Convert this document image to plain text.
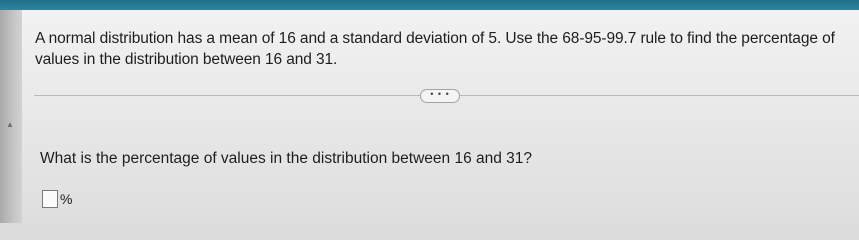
▲
A normal distribution has a mean of 16 and a standard deviation of 5. Use the 68-95-99.7 rule to find the percentage of values in the distribution between 16 and 31.
• • •
What is the percentage of values in the distribution between 16 and 31?
%
